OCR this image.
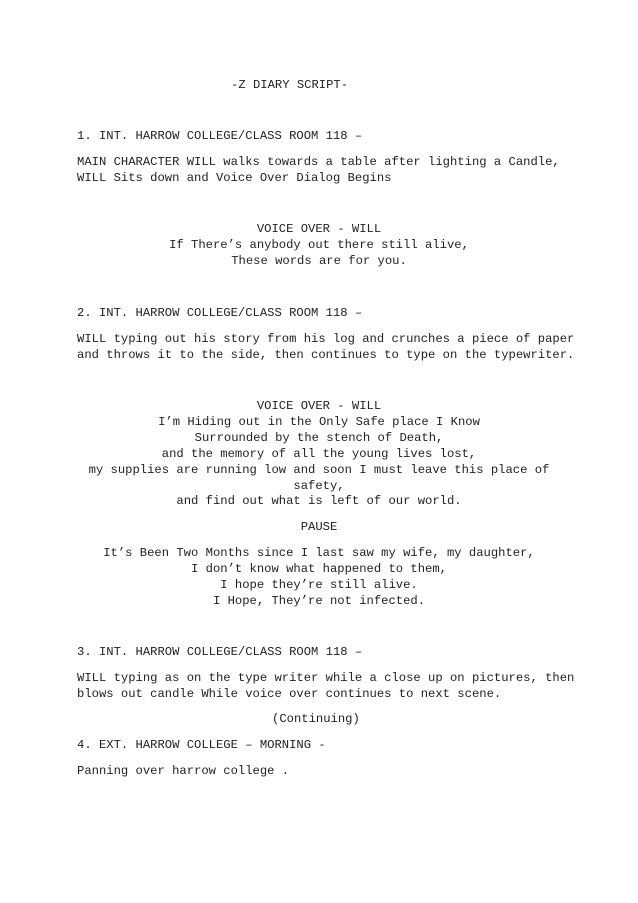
-Z DIARY SCRIPT-
1. INT. HARROW COLLEGE/CLASS ROOM 118 –
MAIN CHARACTER WILL walks towards a table after lighting a Candle,
WILL Sits down and Voice Over Dialog Begins
VOICE OVER - WILL
If There’s anybody out there still alive,
These words are for you.
2. INT. HARROW COLLEGE/CLASS ROOM 118 –
WILL typing out his story from his log and crunches a piece of paper
and throws it to the side, then continues to type on the typewriter.
VOICE OVER - WILL
I’m Hiding out in the Only Safe place I Know
Surrounded by the stench of Death,
and the memory of all the young lives lost,
my supplies are running low and soon I must leave this place of
safety,
and find out what is left of our world.
PAUSE
It’s Been Two Months since I last saw my wife, my daughter,
I don’t know what happened to them,
I hope they’re still alive.
I Hope, They’re not infected.
3. INT. HARROW COLLEGE/CLASS ROOM 118 –
WILL typing as on the type writer while a close up on pictures, then
blows out candle While voice over continues to next scene.
(Continuing)
4. EXT. HARROW COLLEGE – MORNING -
Panning over harrow college .
